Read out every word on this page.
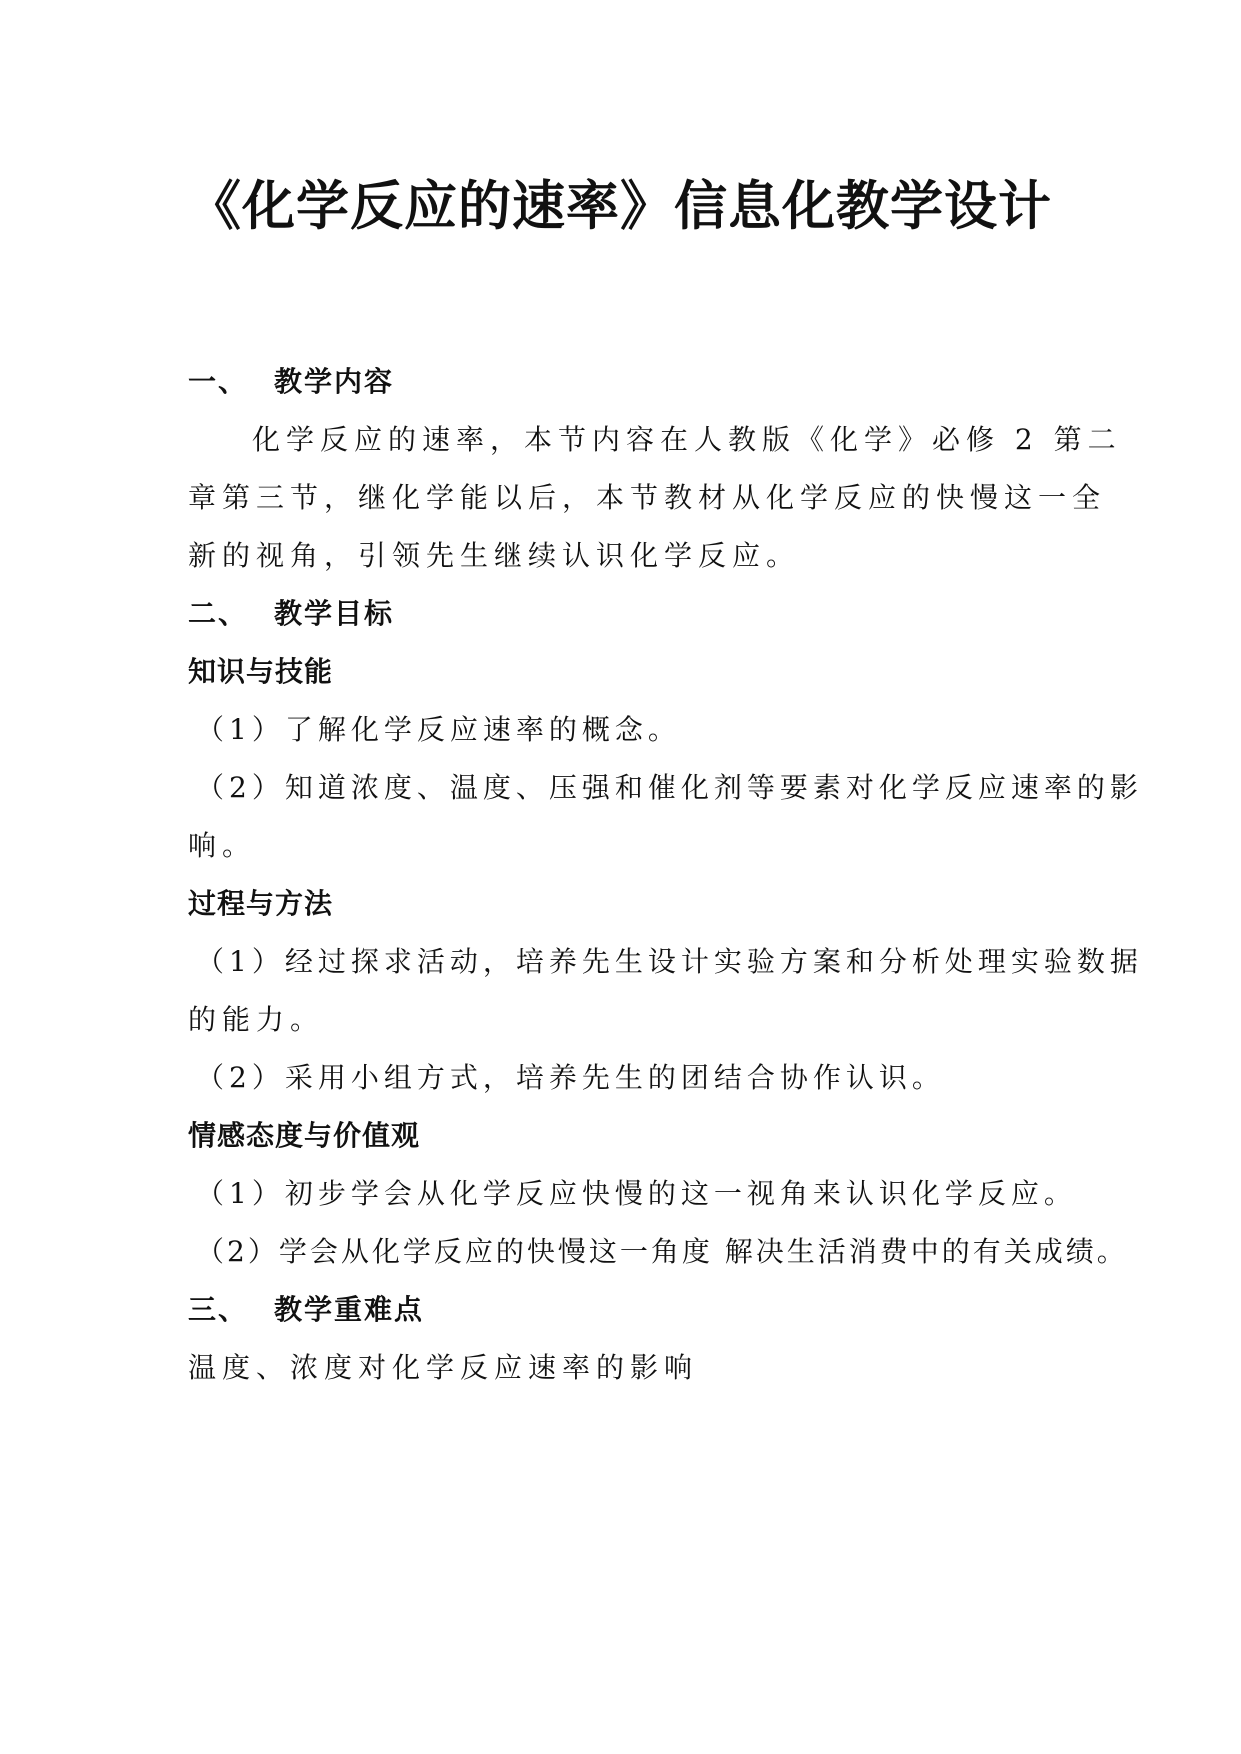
《化学反应的速率》信息化教学设计
一、 教学内容
化学反应的速率，本节内容在人教版《化学》必修 2 第二
章第三节，继化学能以后，本节教材从化学反应的快慢这一全
新的视角，引领先生继续认识化学反应。
二、 教学目标
知识与技能
（1）了解化学反应速率的概念。
（2）知道浓度、温度、压强和催化剂等要素对化学反应速率的影
响。
过程与方法
（1）经过探求活动，培养先生设计实验方案和分析处理实验数据
的能力。
（2）采用小组方式，培养先生的团结合协作认识。
情感态度与价值观
（1）初步学会从化学反应快慢的这一视角来认识化学反应。
（2）学会从化学反应的快慢这一角度 解决生活消费中的有关成绩。
三、 教学重难点
温度、浓度对化学反应速率的影响
